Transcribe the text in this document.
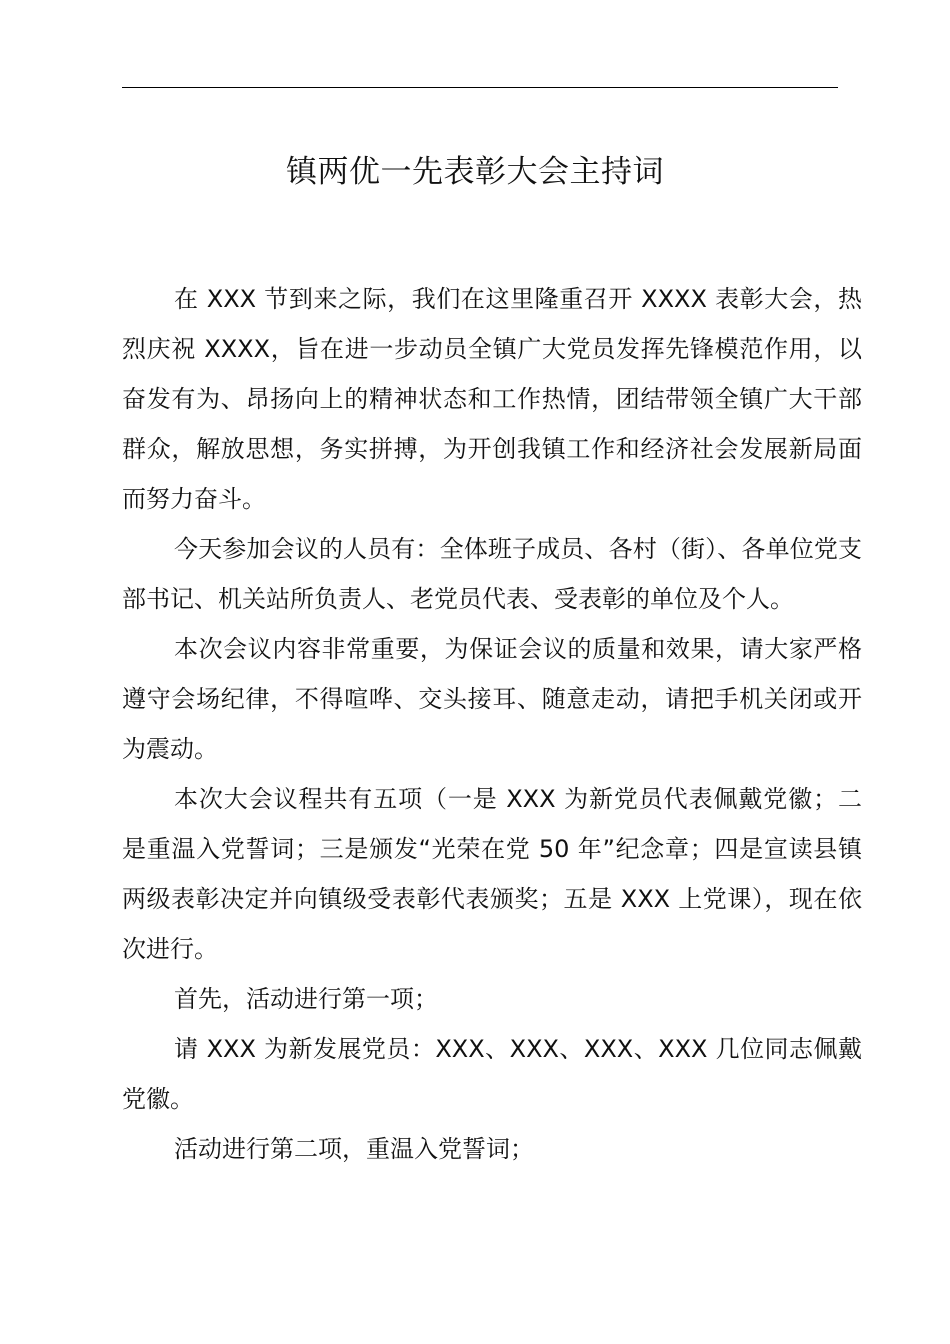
镇两优一先表彰大会主持词

在 XXX 节到来之际，我们在这里隆重召开 XXXX 表彰大会，热烈庆祝 XXXX，旨在进一步动员全镇广大党员发挥先锋模范作用，以奋发有为、昂扬向上的精神状态和工作热情，团结带领全镇广大干部群众，解放思想，务实拼搏，为开创我镇工作和经济社会发展新局面而努力奋斗。

今天参加会议的人员有：全体班子成员、各村（街）、各单位党支部书记、机关站所负责人、老党员代表、受表彰的单位及个人。

本次会议内容非常重要，为保证会议的质量和效果，请大家严格遵守会场纪律，不得喧哗、交头接耳、随意走动，请把手机关闭或开为震动。

本次大会议程共有五项（一是 XXX 为新党员代表佩戴党徽；二是重温入党誓词；三是颁发“光荣在党 50 年”纪念章；四是宣读县镇两级表彰决定并向镇级受表彰代表颁奖；五是 XXX 上党课），现在依次进行。

首先，活动进行第一项；

请 XXX 为新发展党员：XXX、XXX、XXX、XXX 几位同志佩戴党徽。

活动进行第二项，重温入党誓词；
